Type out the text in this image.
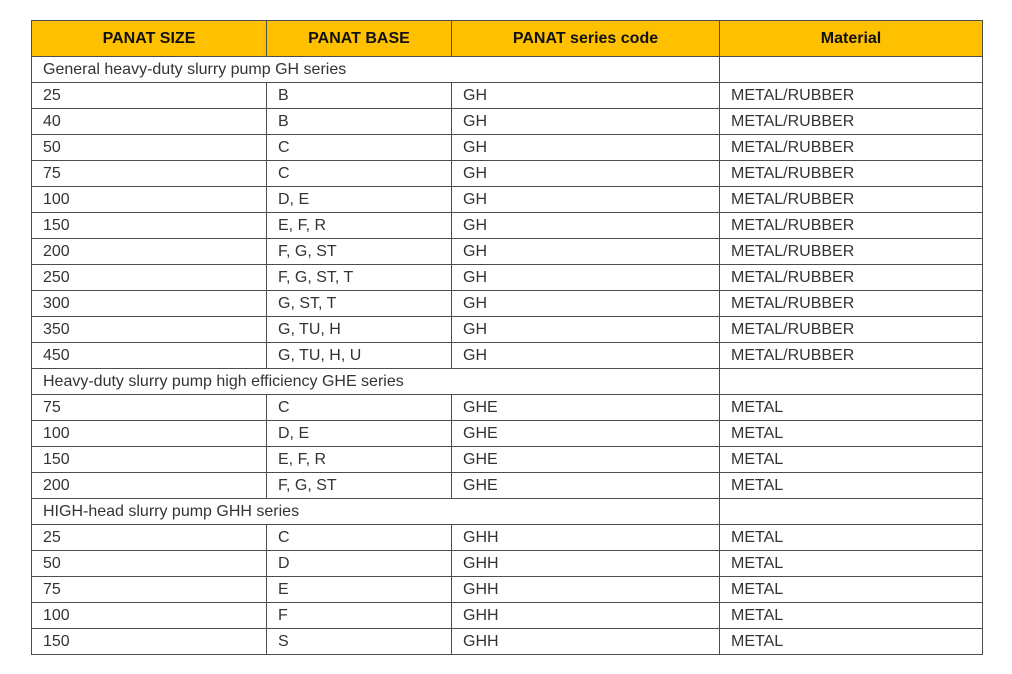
PANAT SIZE	PANAT BASE	PANAT series code	Material
General heavy-duty slurry pump GH series			
25	B	GH	METAL/RUBBER
40	B	GH	METAL/RUBBER
50	C	GH	METAL/RUBBER
75	C	GH	METAL/RUBBER
100	D, E	GH	METAL/RUBBER
150	E, F, R	GH	METAL/RUBBER
200	F, G, ST	GH	METAL/RUBBER
250	F, G, ST, T	GH	METAL/RUBBER
300	G, ST, T	GH	METAL/RUBBER
350	G, TU, H	GH	METAL/RUBBER
450	G, TU, H, U	GH	METAL/RUBBER
Heavy-duty slurry pump high efficiency GHE series			
75	C	GHE	METAL
100	D, E	GHE	METAL
150	E, F, R	GHE	METAL
200	F, G, ST	GHE	METAL
HIGH-head slurry pump GHH series			
25	C	GHH	METAL
50	D	GHH	METAL
75	E	GHH	METAL
100	F	GHH	METAL
150	S	GHH	METAL
